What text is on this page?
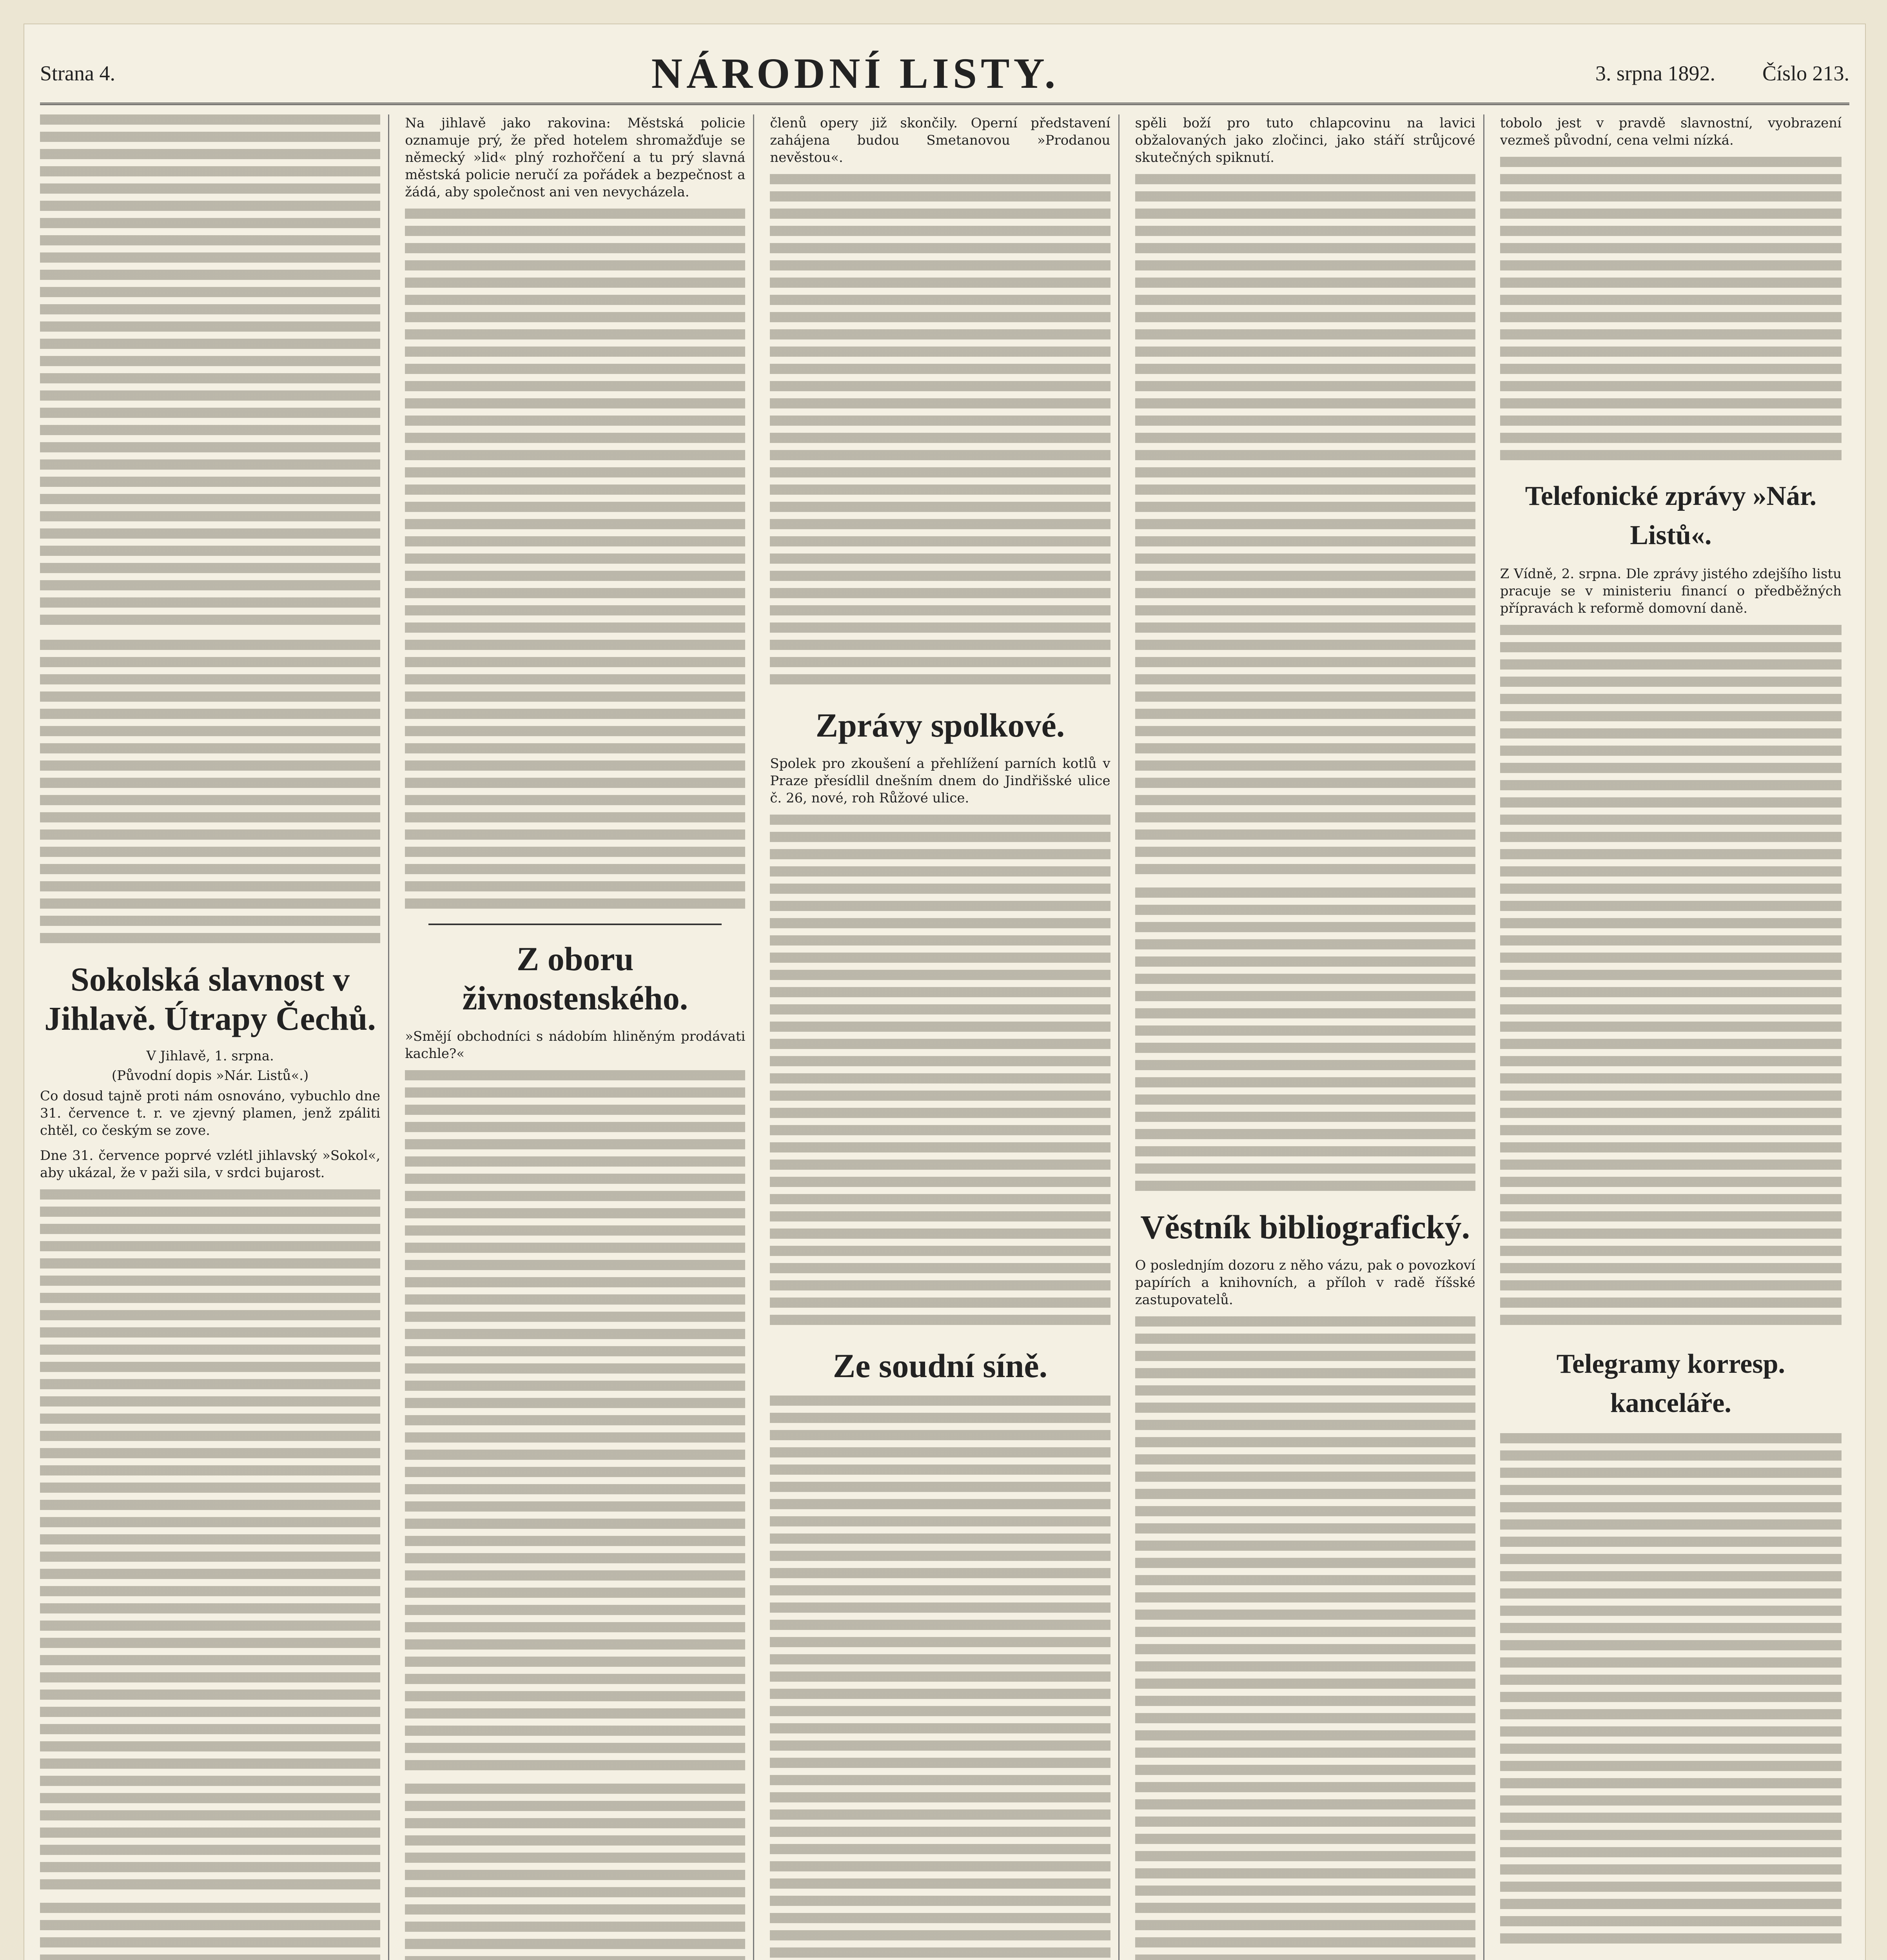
Strana 4.	NÁRODNÍ LISTY.	3. srpna 1892. Číslo 213.
Sokolská slavnost v Jihlavě. Útrapy Čechů.

V Jihlavě, 1. srpna.

(Původní dopis »Nár. Listů«.)

Co dosud tajně proti nám osnováno, vybuchlo dne 31. července t. r. ve zjevný plamen, jenž zpáliti chtěl, co českým se zove.

Dne 31. července poprvé vzlétl jihlavský »Sokol«, aby ukázal, že v paži sila, v srdci bujarost.

Na jihlavě jako rakovina: Městská policie oznamuje prý, že před hotelem shromažďuje se německý »lid« plný rozhořčení a tu prý slavná městská policie neručí za pořádek a bezpečnost a žádá, aby společnost ani ven nevycházela.

Z oboru živnostenského.

»Smějí obchodníci s nádobím hliněným prodávati kachle?«

členů opery již skončily. Operní představení zahájena budou Smetanovou »Prodanou nevěstou«.

Zprávy spolkové.

Spolek pro zkoušení a přehlížení parních kotlů v Praze přesídlil dnešním dnem do Jindřišské ulice č. 26, nové, roh Růžové ulice.

Ze soudní síně.

spěli boží pro tuto chlapcovinu na lavici obžalovaných jako zločinci, jako stáří strůjcové skutečných spiknutí.

Věstník bibliografický.

O poslednjím dozoru z něho vázu, pak o povozkoví papírích a knihovních, a příloh v radě říšské zastupovatelů.

tobolo jest v pravdě slavnostní, vyobrazení vezmeš původní, cena velmi nízká.

Telefonické zprávy »Nár. Listů«.

Z Vídně, 2. srpna. Dle zprávy jistého zdejšího listu pracuje se v ministeriu financí o předběžných přípravách k reformě domovní daně.

Telegramy korresp. kanceláře.
